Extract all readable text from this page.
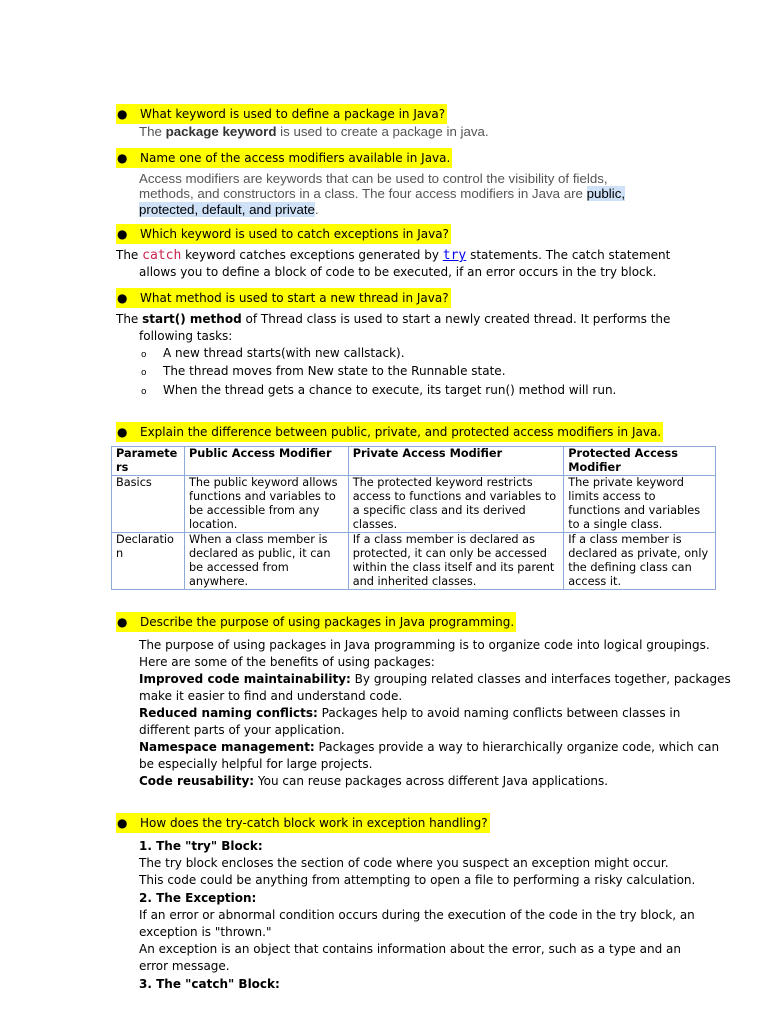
● What keyword is used to define a package in Java?
The package keyword is used to create a package in java.
● Name one of the access modifiers available in Java.
Access modifiers are keywords that can be used to control the visibility of fields,
methods, and constructors in a class. The four access modifiers in Java are public,
protected, default, and private.
● Which keyword is used to catch exceptions in Java?
The catch keyword catches exceptions generated by try statements. The catch statement
allows you to define a block of code to be executed, if an error occurs in the try block.
● What method is used to start a new thread in Java?
The start() method of Thread class is used to start a newly created thread. It performs the
following tasks:
o A new thread starts(with new callstack).
o The thread moves from New state to the Runnable state.
o When the thread gets a chance to execute, its target run() method will run.
● Explain the difference between public, private, and protected access modifiers in Java.
Paramete rs	Public Access Modifier	Private Access Modifier	Protected Access Modifier
Basics	The public keyword allows functions and variables to be accessible from any location.	The protected keyword restricts access to functions and variables to a specific class and its derived classes.	The private keyword limits access to functions and variables to a single class.
Declaratio n	When a class member is declared as public, it can be accessed from anywhere.	If a class member is declared as protected, it can only be accessed within the class itself and its parent and inherited classes.	If a class member is declared as private, only the defining class can access it.
● Describe the purpose of using packages in Java programming.
The purpose of using packages in Java programming is to organize code into logical groupings.
Here are some of the benefits of using packages:
Improved code maintainability: By grouping related classes and interfaces together, packages
make it easier to find and understand code.
Reduced naming conflicts: Packages help to avoid naming conflicts between classes in
different parts of your application.
Namespace management: Packages provide a way to hierarchically organize code, which can
be especially helpful for large projects.
Code reusability: You can reuse packages across different Java applications.
● How does the try-catch block work in exception handling?
1. The "try" Block:
The try block encloses the section of code where you suspect an exception might occur.
This code could be anything from attempting to open a file to performing a risky calculation.
2. The Exception:
If an error or abnormal condition occurs during the execution of the code in the try block, an
exception is "thrown."
An exception is an object that contains information about the error, such as a type and an
error message.
3. The "catch" Block:
